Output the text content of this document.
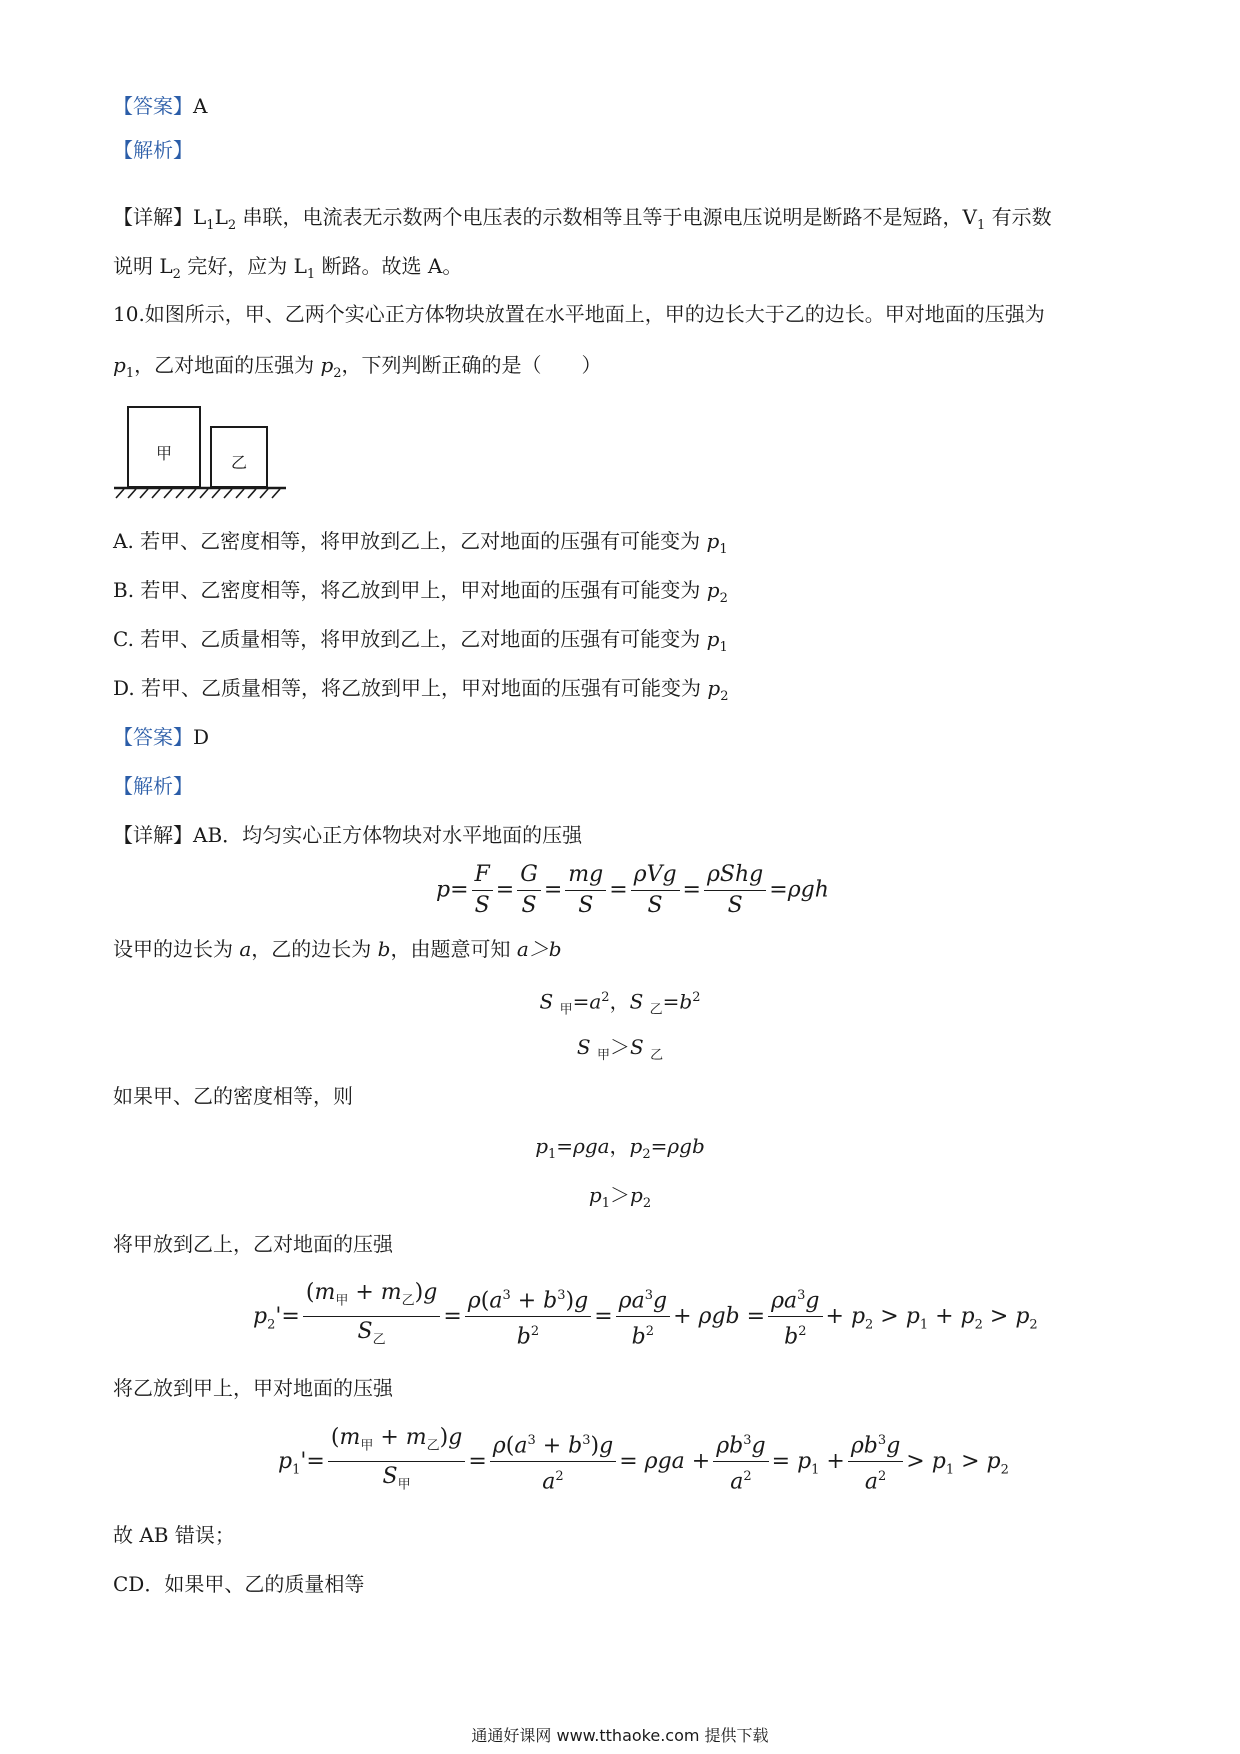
【答案】A
【解析】
【详解】$L_1L_2$ 串联，电流表无示数两个电压表的示数相等且等于电源电压说明是断路不是短路，$V_1$ 有示数
说明 $L_2$ 完好，应为 $L_1$ 断路。故选 A。
10.如图所示，甲、乙两个实心正方体物块放置在水平地面上，甲的边长大于乙的边长。甲对地面的压强为
$p_1$，乙对地面的压强为 $p_2$，下列判断正确的是（　　）
甲	乙
A. 若甲、乙密度相等，将甲放到乙上，乙对地面的压强有可能变为 $p_1$
B. 若甲、乙密度相等，将乙放到甲上，甲对地面的压强有可能变为 $p_2$
C. 若甲、乙质量相等，将甲放到乙上，乙对地面的压强有可能变为 $p_1$
D. 若甲、乙质量相等，将乙放到甲上，甲对地面的压强有可能变为 $p_2$
【答案】D
【解析】
【详解】AB．均匀实心正方体物块对水平地面的压强
$p= \frac{F}{S} = \frac{G}{S} = \frac{mg}{S}$ =
ρVg
S
=
ρShg
S
=ρgh
设甲的边长为 a，乙的边长为 b，由题意可知 a＞b
S $_甲=a^2$，S $_乙=b^2$
S $_甲$＞S $_乙$
如果甲、乙的密度相等，则
$p_1=\rho ga$，$p_2=\rho gb$
$p_1>p_2$
将甲放到乙上，乙对地面的压强
$p_2'=$
$(m_甲 + m_乙)g$
$S_乙$
= $\frac{\rho(a^3 + b^3)g}{b^2} = \frac{\rho a^3g}{b^2} + \rho gb = \frac{\rho a^3g}{b^2} + p_2 > p_1 + p_2 > p_2$
将乙放到甲上，甲对地面的压强
$p_1'=$
$(m_甲 + m_乙)g$
$S_甲$
= $\frac{\rho(a^3 + b^3)g}{a^2} = \rho ga + \frac{\rho b^3g}{a^2} = p_1 + \frac{\rho b^3g}{a^2} > p_1 > p_2$
故 AB 错误；
CD．如果甲、乙的质量相等
通通好课网 www.tthaoke.com 提供下载
